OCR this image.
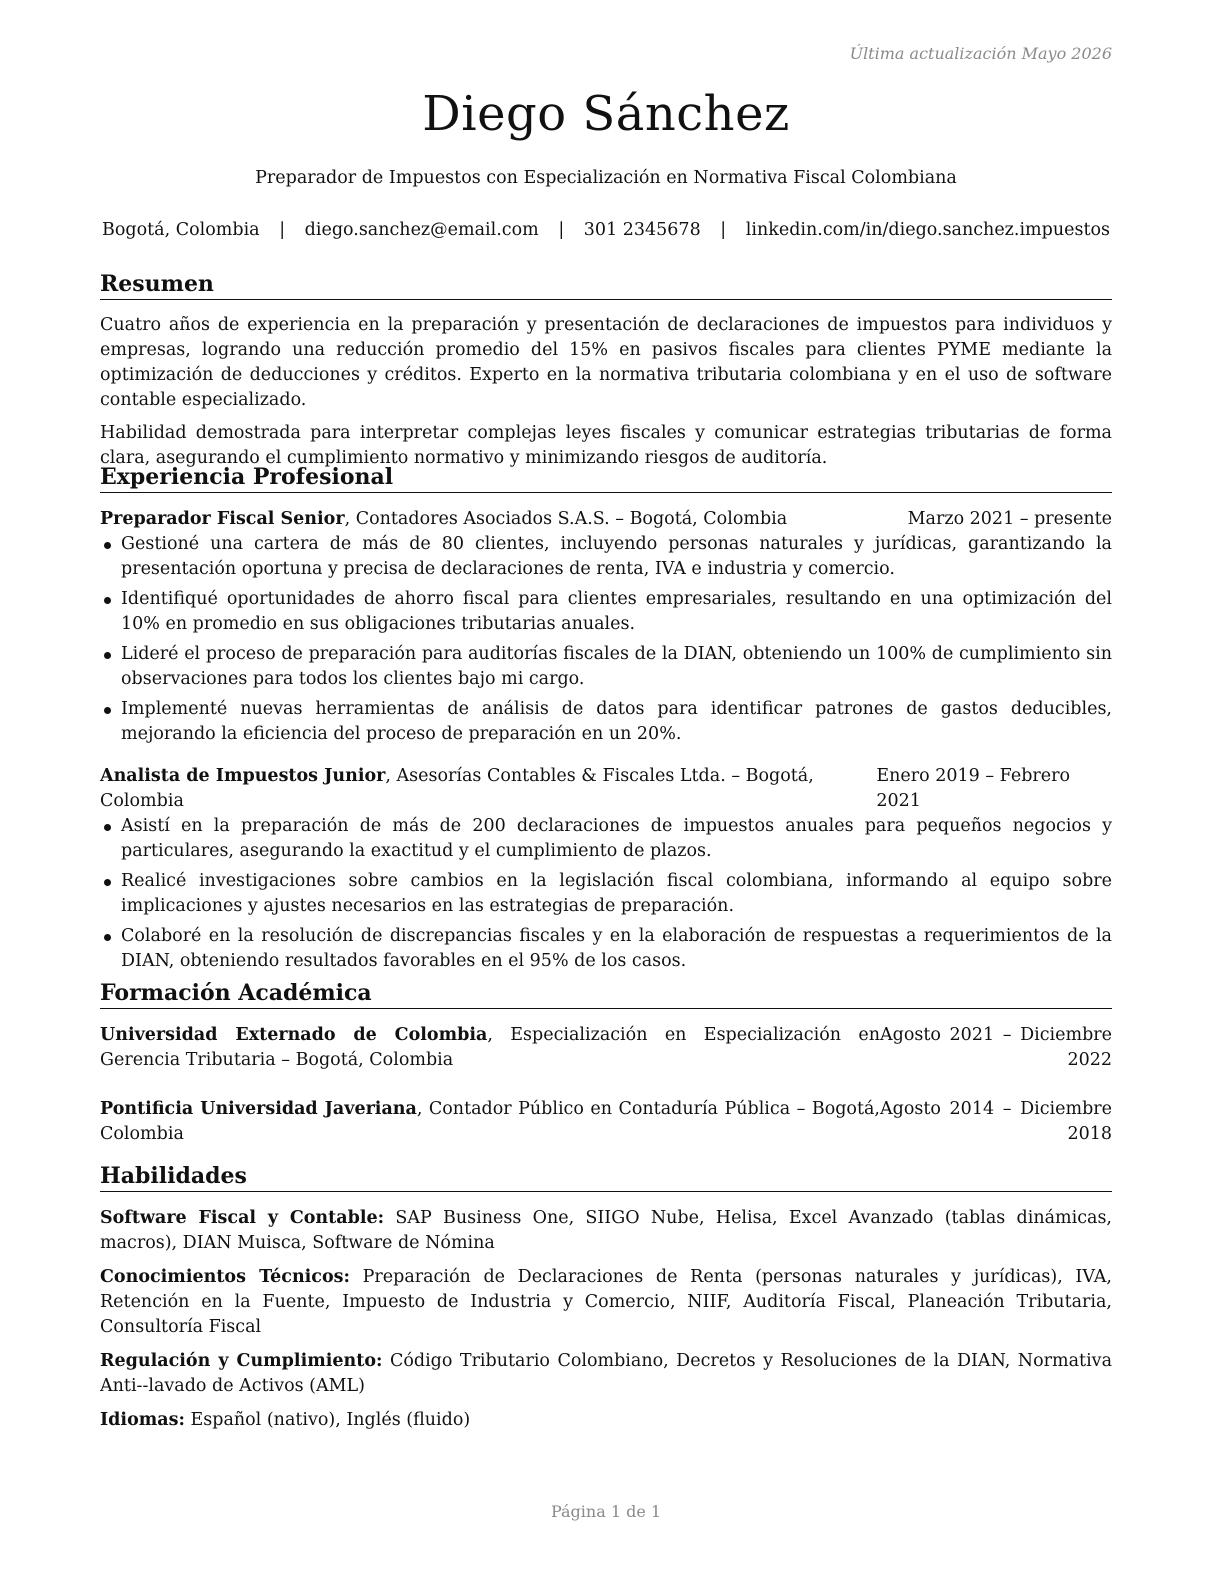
Última actualización Mayo 2026
Diego Sánchez
Preparador de Impuestos con Especialización en Normativa Fiscal Colombiana
Bogotá, Colombia | diego.sanchez@email.com | 301 2345678 | linkedin.com/in/diego.sanchez.impuestos
Resumen

Cuatro años de experiencia en la preparación y presentación de declaraciones de impuestos para individuos y empresas, logrando una reducción promedio del 15% en pasivos fiscales para clientes PYME mediante la optimización de deducciones y créditos. Experto en la normativa tributaria colombiana y en el uso de software contable especializado.

Habilidad demostrada para interpretar complejas leyes fiscales y comunicar estrategias tributarias de forma clara, asegurando el cumplimiento normativo y minimizando riesgos de auditoría.

Experiencia Profesional
Preparador Fiscal Senior, Contadores Asociados S.A.S. – Bogotá, Colombia	Marzo 2021 – presente
Gestioné una cartera de más de 80 clientes, incluyendo personas naturales y jurídicas, garantizando la presentación oportuna y precisa de declaraciones de renta, IVA e industria y comercio.
Identifiqué oportunidades de ahorro fiscal para clientes empresariales, resultando en una optimización del 10% en promedio en sus obligaciones tributarias anuales.
Lideré el proceso de preparación para auditorías fiscales de la DIAN, obteniendo un 100% de cumplimiento sin observaciones para todos los clientes bajo mi cargo.
Implementé nuevas herramientas de análisis de datos para identificar patrones de gastos deducibles, mejorando la eficiencia del proceso de preparación en un 20%.
Analista de Impuestos Junior, Asesorías Contables & Fiscales Ltda. – Bogotá, Colombia
Enero 2019 – Febrero 2021
Asistí en la preparación de más de 200 declaraciones de impuestos anuales para pequeños negocios y particulares, asegurando la exactitud y el cumplimiento de plazos.
Realicé investigaciones sobre cambios en la legislación fiscal colombiana, informando al equipo sobre implicaciones y ajustes necesarios en las estrategias de preparación.
Colaboré en la resolución de discrepancias fiscales y en la elaboración de respuestas a requerimientos de la DIAN, obteniendo resultados favorables en el 95% de los casos.
Formación Académica
Universidad Externado de Colombia, Especialización en Especialización en Gerencia Tributaria – Bogotá, Colombia
Agosto 2021 – Diciembre 2022
Pontificia Universidad Javeriana, Contador Público en Contaduría Pública – Bogotá, Colombia
Agosto 2014 – Diciembre 2018
Habilidades

Software Fiscal y Contable: SAP Business One, SIIGO Nube, Helisa, Excel Avanzado (tablas dinámicas, macros), DIAN Muisca, Software de Nómina

Conocimientos Técnicos: Preparación de Declaraciones de Renta (personas naturales y jurídicas), IVA, Retención en la Fuente, Impuesto de Industria y Comercio, NIIF, Auditoría Fiscal, Planeación Tributaria, Consultoría Fiscal

Regulación y Cumplimiento: Código Tributario Colombiano, Decretos y Resoluciones de la DIAN, Normativa Anti--lavado de Activos (AML)

Idiomas: Español (nativo), Inglés (fluido)

Página 1 de 1
